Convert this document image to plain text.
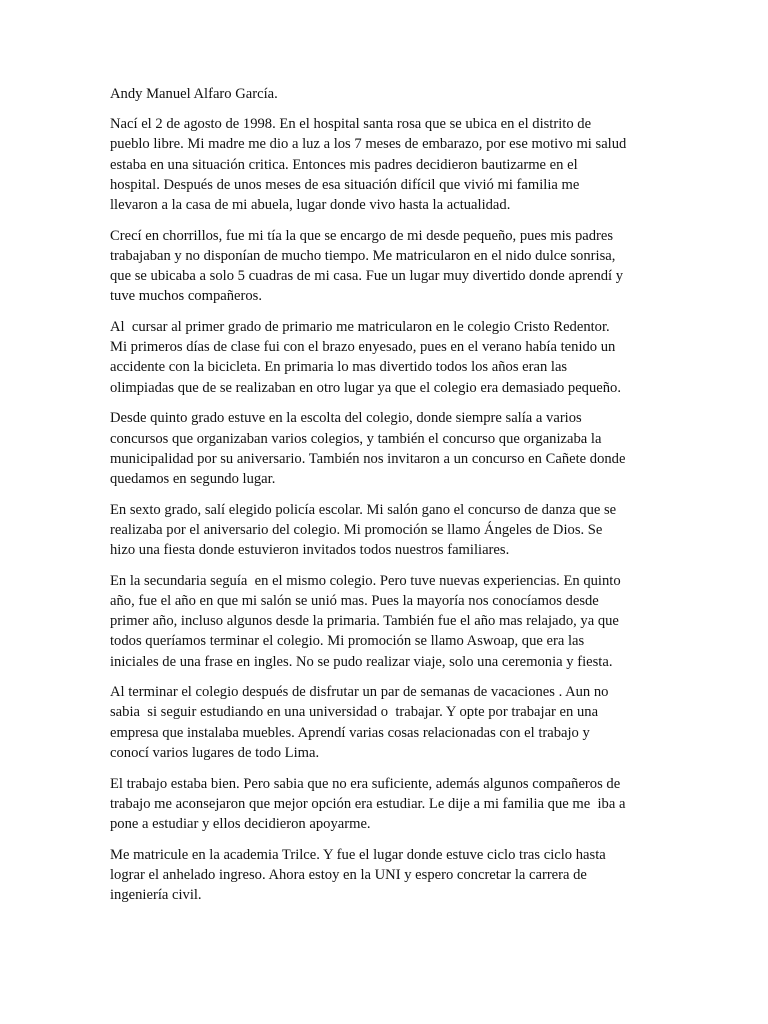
Andy Manuel Alfaro García.

Nací el 2 de agosto de 1998. En el hospital santa rosa que se ubica en el distrito de
pueblo libre. Mi madre me dio a luz a los 7 meses de embarazo, por ese motivo mi salud
estaba en una situación critica. Entonces mis padres decidieron bautizarme en el
hospital. Después de unos meses de esa situación difícil que vivió mi familia me
llevaron a la casa de mi abuela, lugar donde vivo hasta la actualidad.

Crecí en chorrillos, fue mi tía la que se encargo de mi desde pequeño, pues mis padres
trabajaban y no disponían de mucho tiempo. Me matricularon en el nido dulce sonrisa,
que se ubicaba a solo 5 cuadras de mi casa. Fue un lugar muy divertido donde aprendí y
tuve muchos compañeros.

Al  cursar al primer grado de primario me matricularon en le colegio Cristo Redentor.
Mi primeros días de clase fui con el brazo enyesado, pues en el verano había tenido un
accidente con la bicicleta. En primaria lo mas divertido todos los años eran las
olimpiadas que de se realizaban en otro lugar ya que el colegio era demasiado pequeño.

Desde quinto grado estuve en la escolta del colegio, donde siempre salía a varios
concursos que organizaban varios colegios, y también el concurso que organizaba la
municipalidad por su aniversario. También nos invitaron a un concurso en Cañete donde
quedamos en segundo lugar.

En sexto grado, salí elegido policía escolar. Mi salón gano el concurso de danza que se
realizaba por el aniversario del colegio. Mi promoción se llamo Ángeles de Dios. Se
hizo una fiesta donde estuvieron invitados todos nuestros familiares.

En la secundaria seguía  en el mismo colegio. Pero tuve nuevas experiencias. En quinto
año, fue el año en que mi salón se unió mas. Pues la mayoría nos conocíamos desde
primer año, incluso algunos desde la primaria. También fue el año mas relajado, ya que
todos queríamos terminar el colegio. Mi promoción se llamo Aswoap, que era las
iniciales de una frase en ingles. No se pudo realizar viaje, solo una ceremonia y fiesta.

Al terminar el colegio después de disfrutar un par de semanas de vacaciones . Aun no
sabia  si seguir estudiando en una universidad o  trabajar. Y opte por trabajar en una
empresa que instalaba muebles. Aprendí varias cosas relacionadas con el trabajo y
conocí varios lugares de todo Lima.

El trabajo estaba bien. Pero sabia que no era suficiente, además algunos compañeros de
trabajo me aconsejaron que mejor opción era estudiar. Le dije a mi familia que me  iba a
pone a estudiar y ellos decidieron apoyarme.

Me matricule en la academia Trilce. Y fue el lugar donde estuve ciclo tras ciclo hasta
lograr el anhelado ingreso. Ahora estoy en la UNI y espero concretar la carrera de
ingeniería civil.
